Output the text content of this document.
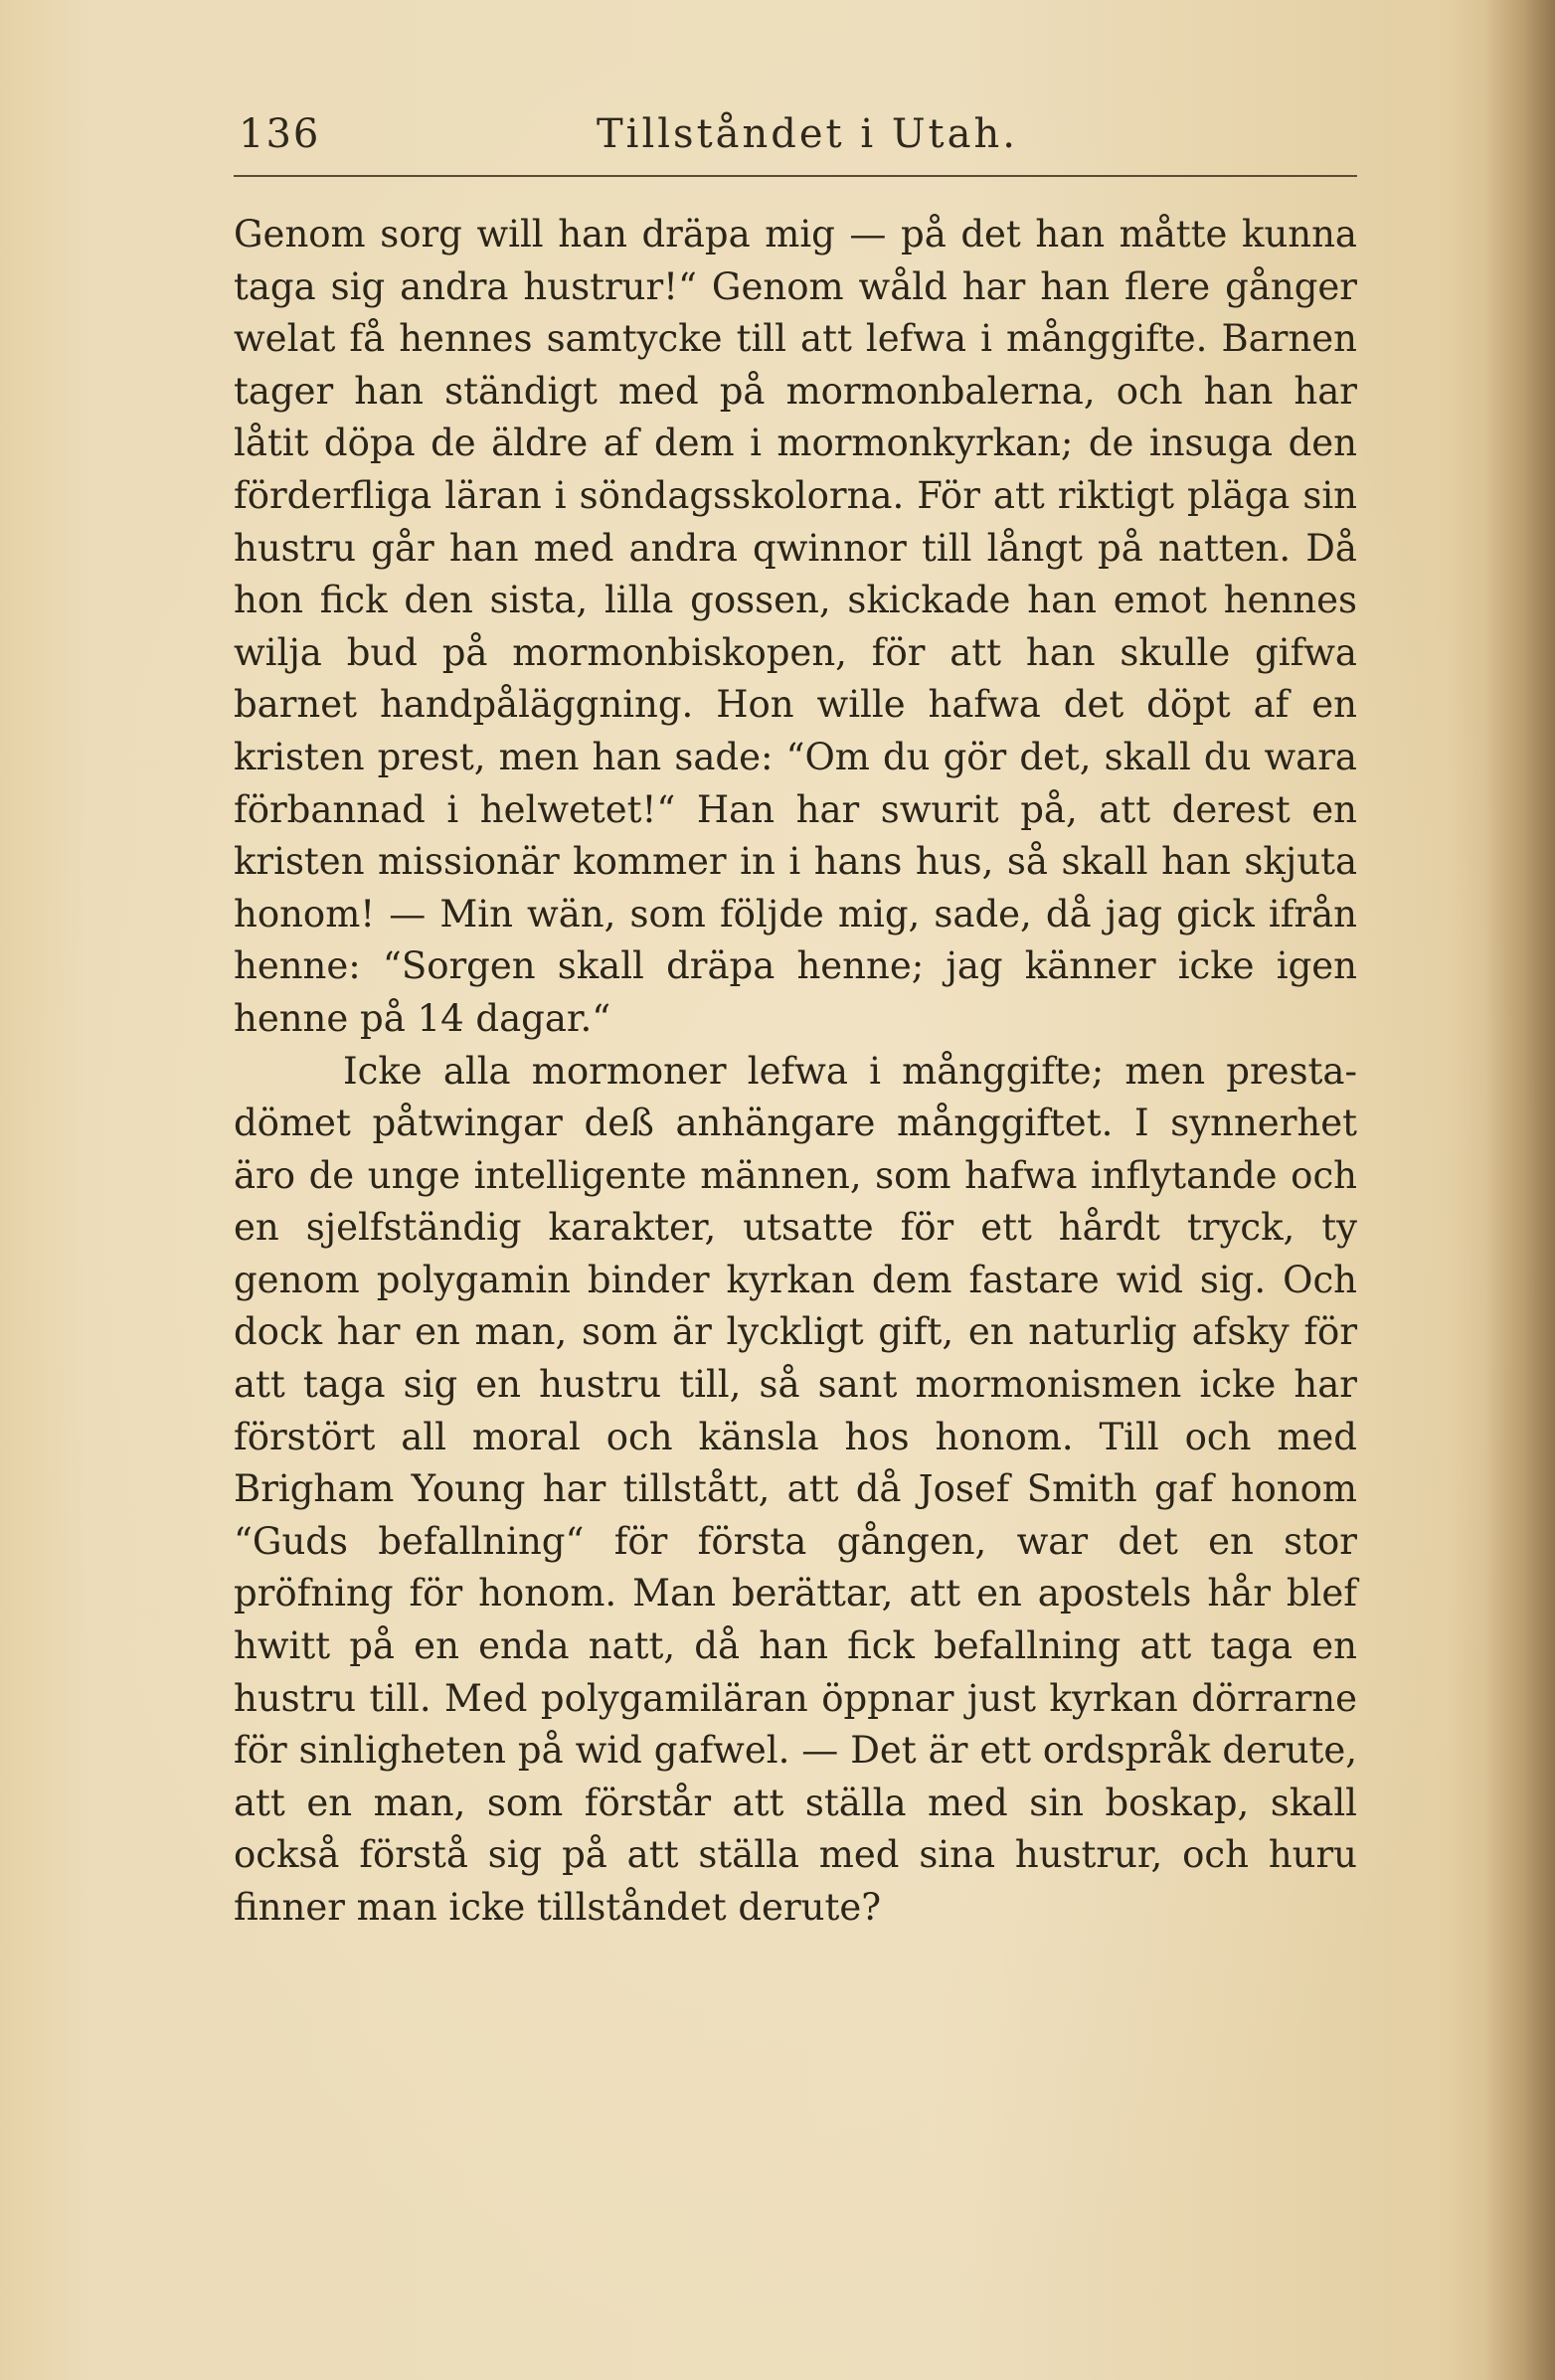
136	Tillståndet i Utah.

Genom sorg will han dräpa mig — på det han måtte kunna taga sig andra hustrur!“ Genom wåld har han flere gånger welat få hennes samtycke till att lefwa i månggifte. Barnen tager han ständigt med på mormonbalerna, och han har låtit döpa de äldre af dem i mormonkyrkan; de insuga den förderfliga läran i söndagsskolorna. För att riktigt pläga sin hustru går han med andra qwinnor till långt på natten. Då hon fick den sista, lilla gossen, skickade han emot hennes wilja bud på mormonbiskopen, för att han skulle gifwa barnet handpåläggning. Hon wille hafwa det döpt af en kristen prest, men han sade: “Om du gör det, skall du wara förbannad i helwetet!“ Han har swurit på, att derest en kristen missionär kommer in i hans hus, så skall han skjuta honom! — Min wän, som följde mig, sade, då jag gick ifrån henne: “Sorgen skall dräpa henne; jag känner icke igen henne på 14 dagar.“

Icke alla mormoner lefwa i månggifte; men presta-dömet påtwingar deß anhängare månggiftet. I synnerhet äro de unge intelligente männen, som hafwa inflytande och en sjelfständig karakter, utsatte för ett hårdt tryck, ty genom polygamin binder kyrkan dem fastare wid sig. Och dock har en man, som är lyckligt gift, en naturlig afsky för att taga sig en hustru till, så sant mormonismen icke har förstört all moral och känsla hos honom. Till och med Brigham Young har tillstått, att då Josef Smith gaf honom “Guds befallning“ för första gången, war det en stor pröfning för honom. Man berättar, att en apostels hår blef hwitt på en enda natt, då han fick befallning att taga en hustru till. Med polygamiläran öppnar just kyrkan dörrarne för sinligheten på wid gafwel. — Det är ett ordspråk derute, att en man, som förstår att ställa med sin boskap, skall också förstå sig på att ställa med sina hustrur, och huru finner man icke tillståndet derute?
